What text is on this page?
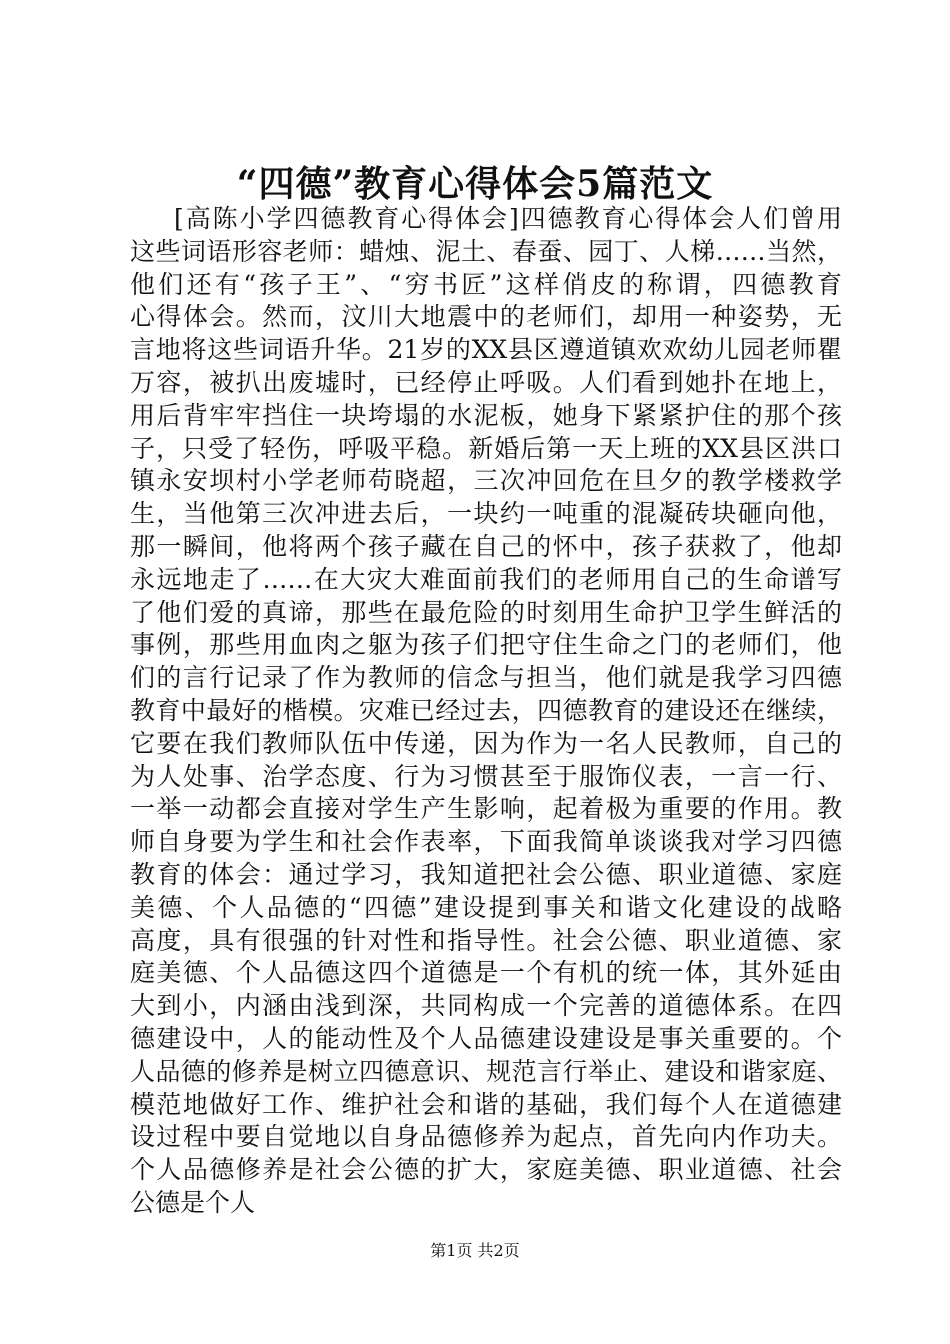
“四德”教育心得体会5篇范文
[高陈小学四德教育心得体会]四德教育心得体会人们曾用
这些词语形容老师：蜡烛、泥土、春蚕、园丁、人梯……当然，
他们还有“孩子王”、“穷书匠”这样俏皮的称谓，四德教育
心得体会。然而，汶川大地震中的老师们，却用一种姿势，无
言地将这些词语升华。21岁的XX县区遵道镇欢欢幼儿园老师瞿
万容，被扒出废墟时，已经停止呼吸。人们看到她扑在地上，
用后背牢牢挡住一块垮塌的水泥板，她身下紧紧护住的那个孩
子，只受了轻伤，呼吸平稳。新婚后第一天上班的XX县区洪口
镇永安坝村小学老师苟晓超，三次冲回危在旦夕的教学楼救学
生，当他第三次冲进去后，一块约一吨重的混凝砖块砸向他，
那一瞬间，他将两个孩子藏在自己的怀中，孩子获救了，他却
永远地走了……在大灾大难面前我们的老师用自己的生命谱写
了他们爱的真谛，那些在最危险的时刻用生命护卫学生鲜活的
事例，那些用血肉之躯为孩子们把守住生命之门的老师们，他
们的言行记录了作为教师的信念与担当，他们就是我学习四德
教育中最好的楷模。灾难已经过去，四德教育的建设还在继续，
它要在我们教师队伍中传递，因为作为一名人民教师，自己的
为人处事、治学态度、行为习惯甚至于服饰仪表，一言一行、
一举一动都会直接对学生产生影响，起着极为重要的作用。教
师自身要为学生和社会作表率，下面我简单谈谈我对学习四德
教育的体会：通过学习，我知道把社会公德、职业道德、家庭
美德、个人品德的“四德”建设提到事关和谐文化建设的战略
高度，具有很强的针对性和指导性。社会公德、职业道德、家
庭美德、个人品德这四个道德是一个有机的统一体，其外延由
大到小，内涵由浅到深，共同构成一个完善的道德体系。在四
德建设中，人的能动性及个人品德建设建设是事关重要的。个
人品德的修养是树立四德意识、规范言行举止、建设和谐家庭、
模范地做好工作、维护社会和谐的基础，我们每个人在道德建
设过程中要自觉地以自身品德修养为起点，首先向内作功夫。
个人品德修养是社会公德的扩大，家庭美德、职业道德、社会
公德是个人
第1页 共2页
